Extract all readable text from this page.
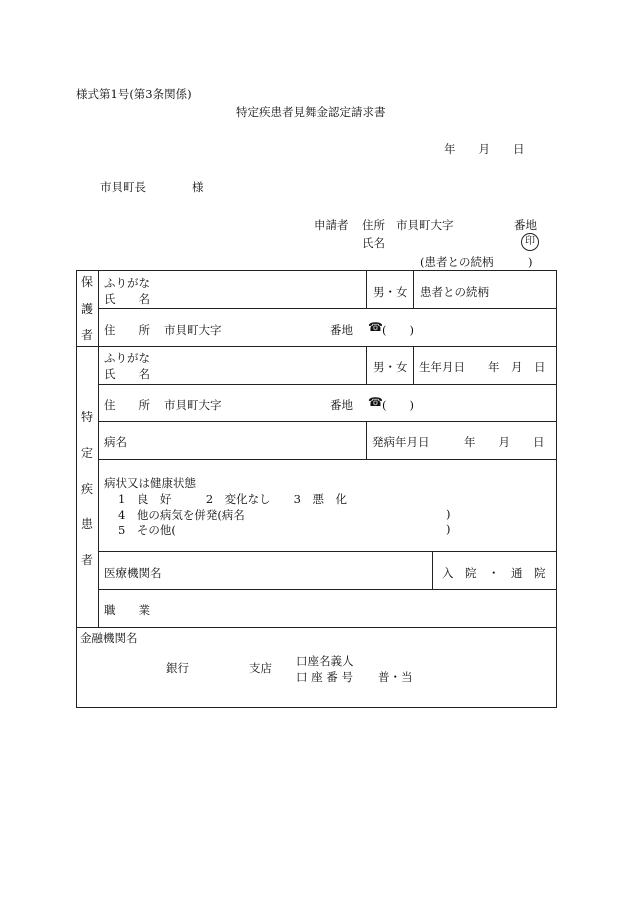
様式第1号(第3条関係)
特定疾患者見舞金認定請求書
年　　月　　日
市貝町長　　　　様
申請者 住所 市貝町大字	番地
氏名	印
(患者との続柄　　　)
保
護
者
ふりがな
氏　　名	男・女 患者との続柄
住　　所 市貝町大字	番地 ☎ (　　)
特
定
疾
患
者
ふりがな
氏　　名	男・女 生年月日　　年　月　日
住　　所 市貝町大字	番地 ☎ (　　)
病名	発病年月日　　　年　　月　　日
病状又は健康状態
1　良　好　　　2　変化なし　　3　悪　化
4　他の病気を併発(病名	)
5　その他(	)
医療機関名	入　院　・　通　院
職　　業
金融機関名
銀行	支店 口座名義人
口 座 番 号 普・当
